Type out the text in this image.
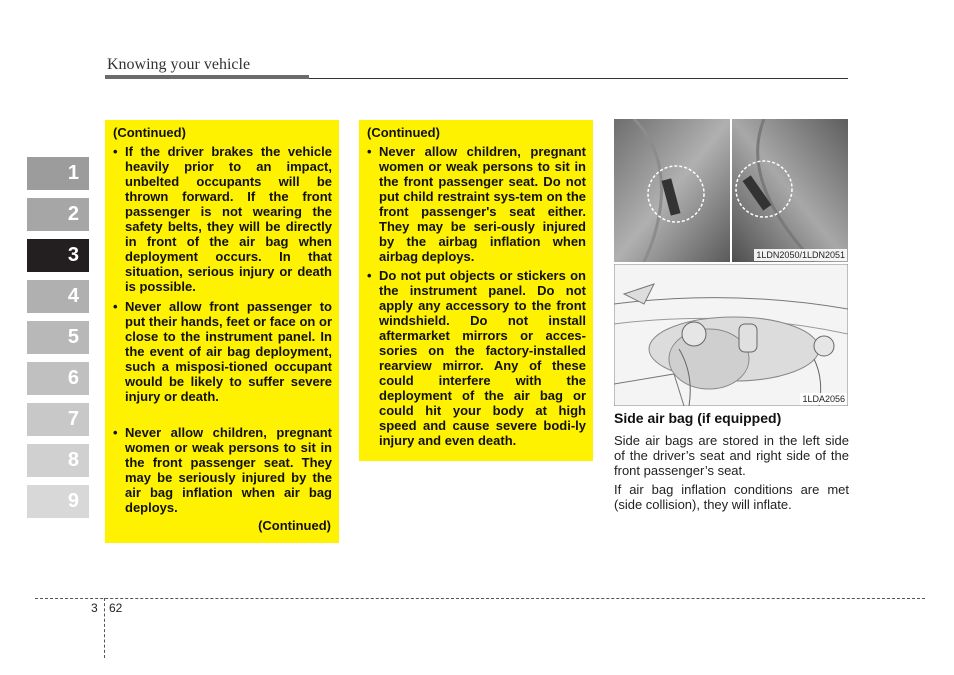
Knowing your vehicle
1
2
3
4
5
6
7
8
9
(Continued)
• If the driver brakes the vehicle heavily prior to an impact, unbelted occupants will be thrown forward. If the front passenger is not wearing the safety belts, they will be directly in front of the air bag when deployment occurs. In that situation, serious injury or death is possible.
• Never allow front passenger to put their hands, feet or face on or close to the instrument panel. In the event of air bag deployment, such a misposi-tioned occupant would be likely to suffer severe injury or death.
• Never allow children, pregnant women or weak persons to sit in the front passenger seat. They may be seriously injured by the air bag inflation when air bag deploys.
(Continued)
(Continued)
• Never allow children, pregnant women or weak persons to sit in the front passenger seat. Do not put child restraint sys-tem on the front passenger's seat either. They may be seri-ously injured by the airbag inflation when airbag deploys.
• Do not put objects or stickers on the instrument panel. Do not apply any accessory to the front windshield. Do not install aftermarket mirrors or acces-sories on the factory-installed rearview mirror. Any of these could interfere with the deployment of the air bag or could hit your body at high speed and cause severe bodi-ly injury and even death.
1LDN2050/1LDN2051
1LDA2056
Side air bag (if equipped)
Side air bags are stored in the left side of the driver’s seat and right side of the front passenger’s seat.
If air bag inflation conditions are met (side collision), they will inflate.
3 62
